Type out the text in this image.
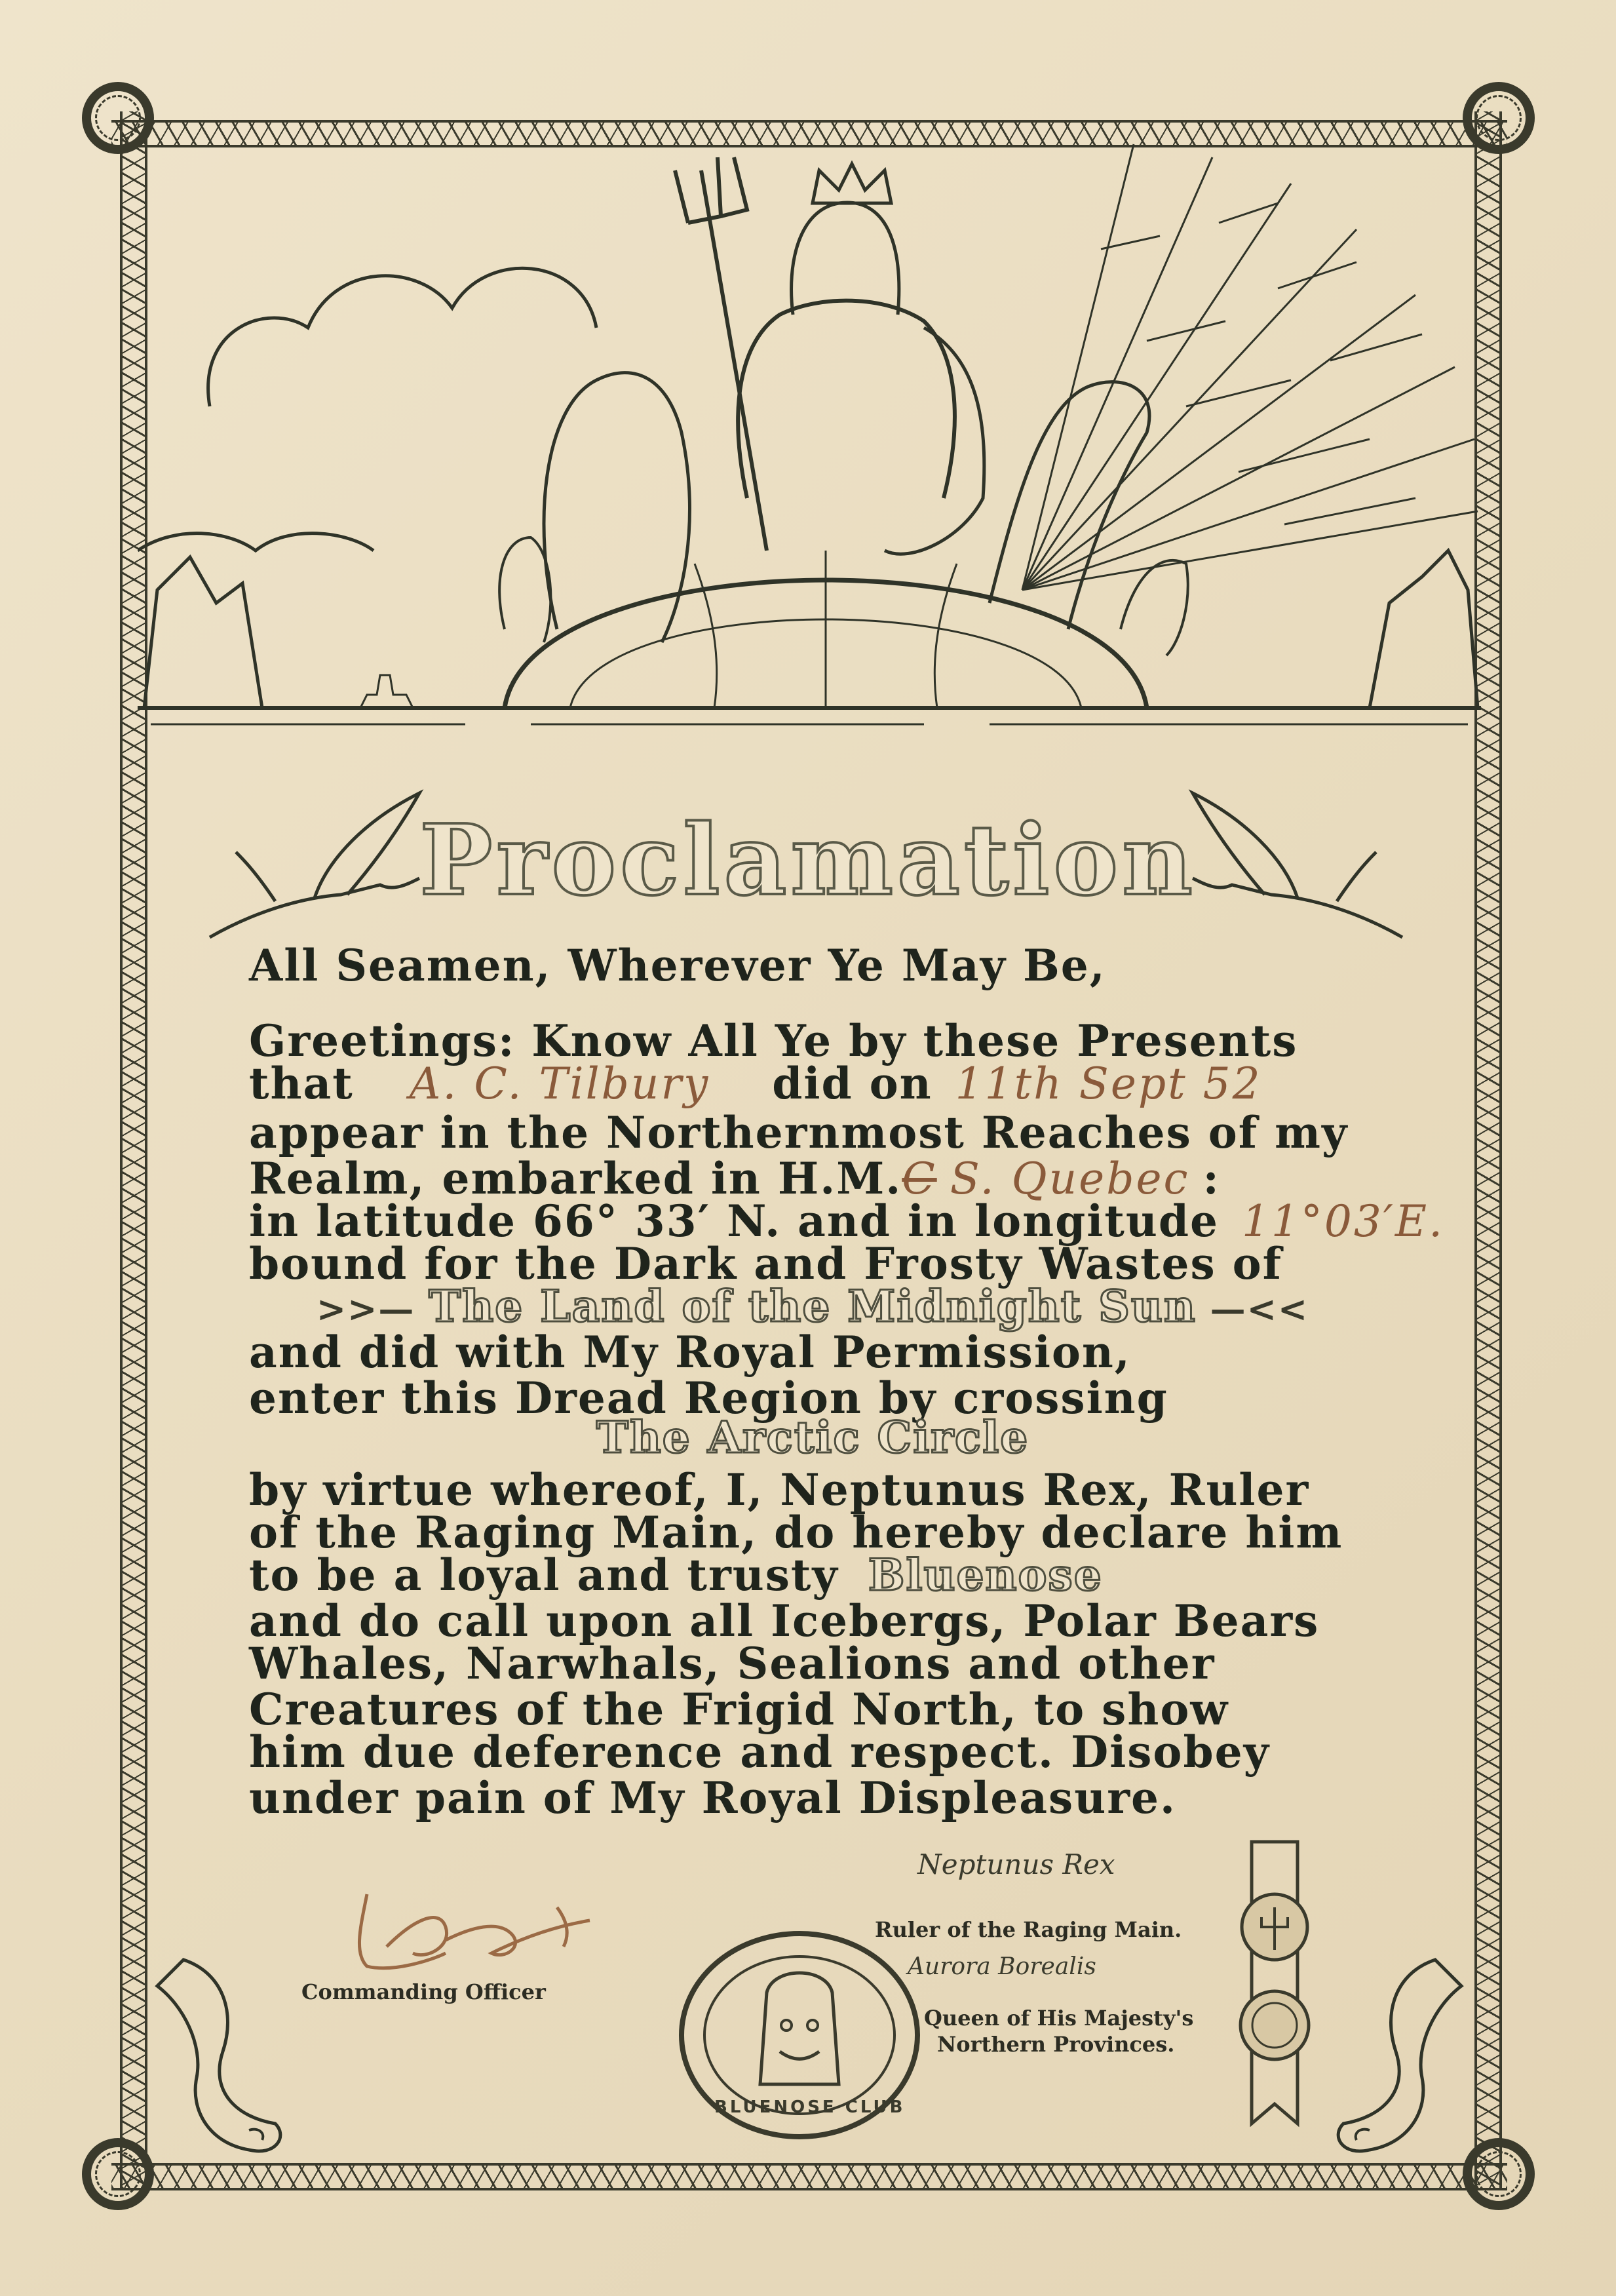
Proclamation
All Seamen, Wherever Ye May Be,
Greetings: Know All Ye by these Presents
that A. C. Tilbury did on 11th Sept 52
appear in the Northernmost Reaches of my
Realm, embarked in H.M.C S. Quebec :
in latitude 66° 33′ N. and in longitude 11°03′E.
bound for the Dark and Frosty Wastes of
>>— The Land of the Midnight Sun —<<
and did with My Royal Permission,
enter this Dread Region by crossing
The Arctic Circle
by virtue whereof, I, Neptunus Rex, Ruler
of the Raging Main, do hereby declare him
to be a loyal and trusty Bluenose
and do call upon all Icebergs, Polar Bears
Whales, Narwhals, Sealions and other
Creatures of the Frigid North, to show
him due deference and respect. Disobey
under pain of My Royal Displeasure.
Commanding Officer
Neptunus Rex
Ruler of the Raging Main.
Aurora Borealis
Queen of His Majesty's
Northern Provinces.
BLUENOSE CLUB
